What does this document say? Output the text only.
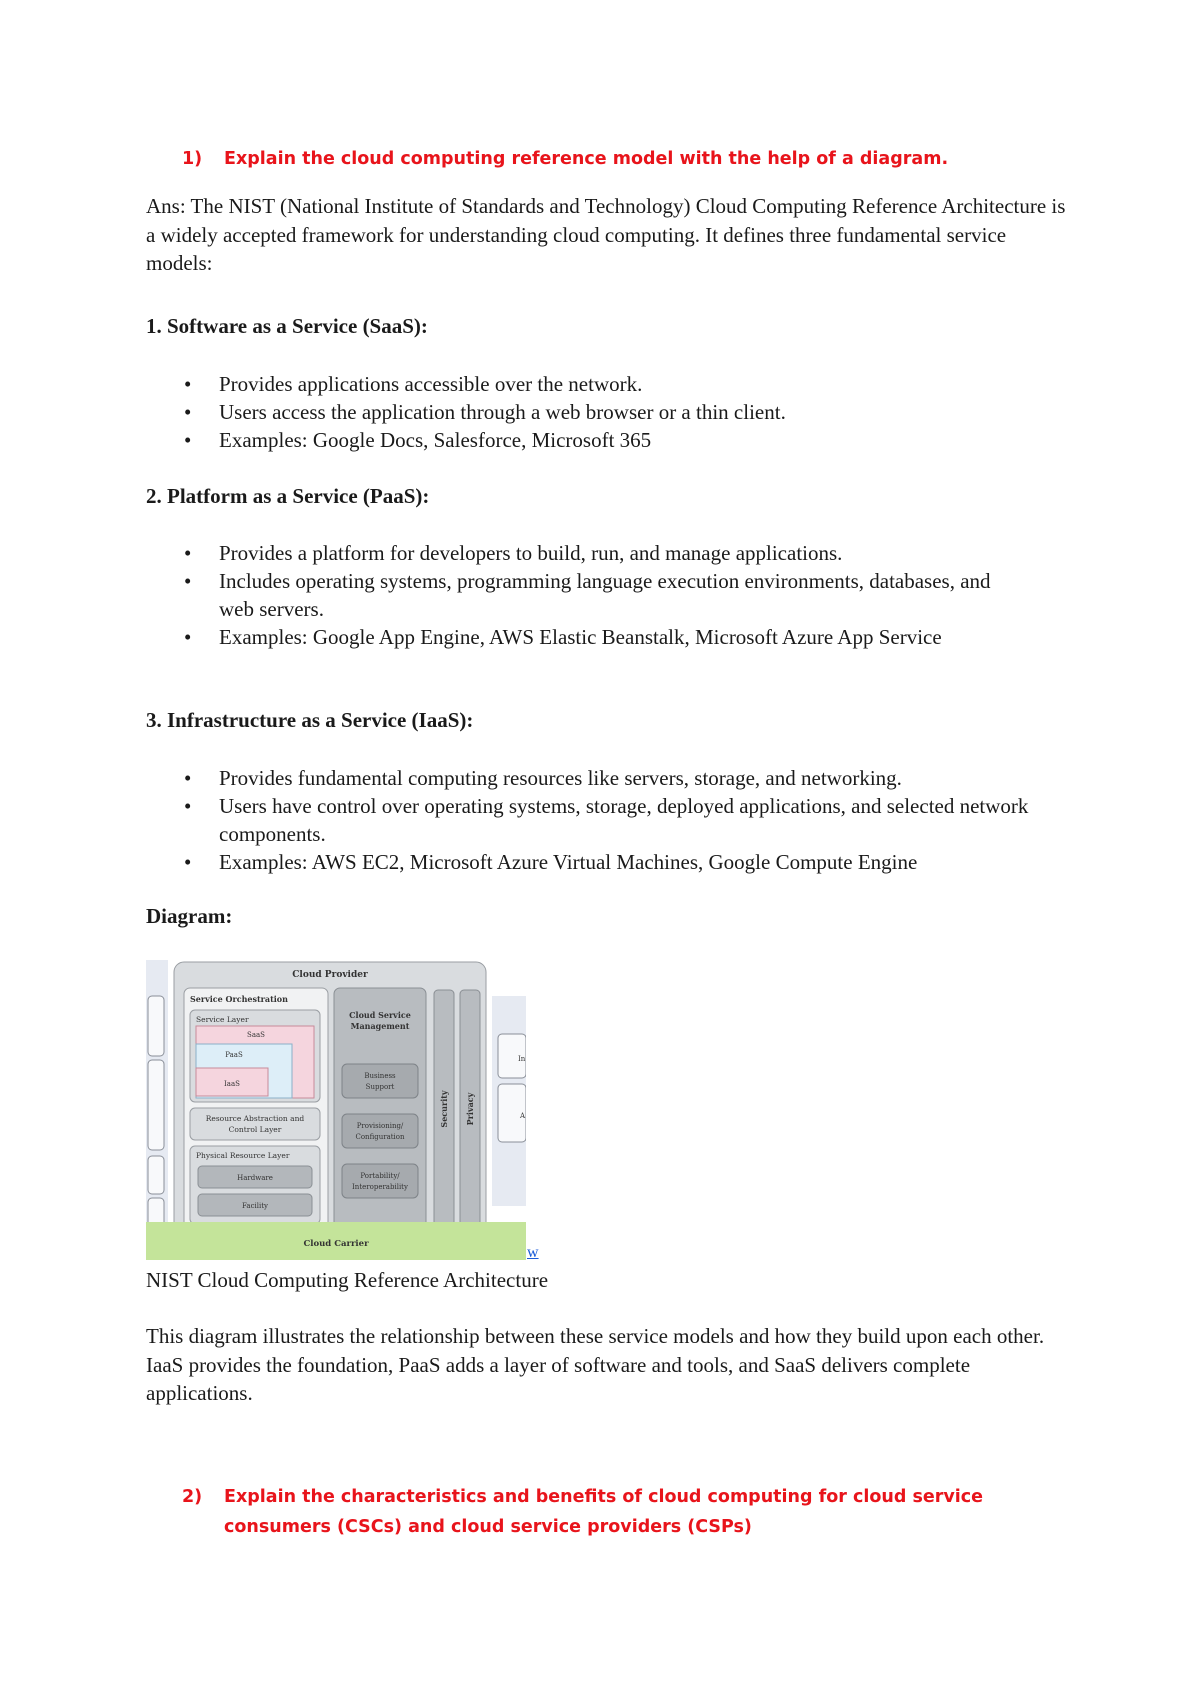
1) Explain the cloud computing reference model with the help of a diagram.

Ans: The NIST (National Institute of Standards and Technology) Cloud Computing Reference Architecture is a widely accepted framework for understanding cloud computing. It defines three fundamental service models:

1. Software as a Service (SaaS):
• Provides applications accessible over the network.
• Users access the application through a web browser or a thin client.
• Examples: Google Docs, Salesforce, Microsoft 365
2. Platform as a Service (PaaS):
• Provides a platform for developers to build, run, and manage applications.
• Includes operating systems, programming language execution environments, databases, and web servers.
• Examples: Google App Engine, AWS Elastic Beanstalk, Microsoft Azure App Service
3. Infrastructure as a Service (IaaS):
• Provides fundamental computing resources like servers, storage, and networking.
• Users have control over operating systems, storage, deployed applications, and selected network components.
• Examples: AWS EC2, Microsoft Azure Virtual Machines, Google Compute Engine
Diagram:
Cloud Provider
Service Orchestration
Service Layer
SaaS
PaaS
IaaS
Resource Abstraction and
Control Layer
Physical Resource Layer
Hardware
Facility
Cloud Service
Management
Business
Support
Provisioning/
Configuration
Portability/
Interoperability
Security Privacy
In
A
Cloud Carrier	w
NIST Cloud Computing Reference Architecture

This diagram illustrates the relationship between these service models and how they build upon each other. IaaS provides the foundation, PaaS adds a layer of software and tools, and SaaS delivers complete applications.

2) Explain the characteristics and benefits of cloud computing for cloud service consumers (CSCs) and cloud service providers (CSPs)
